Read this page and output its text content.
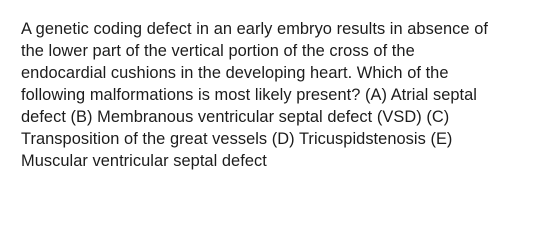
A genetic coding defect in an early embryo results in absence of
the lower part of the vertical portion of the cross of the
endocardial cushions in the developing heart. Which of the
following malformations is most likely present? (A) Atrial septal
defect (B) Membranous ventricular septal defect (VSD) (C)
Transposition of the great vessels (D) Tricuspidstenosis (E)
Muscular ventricular septal defect
